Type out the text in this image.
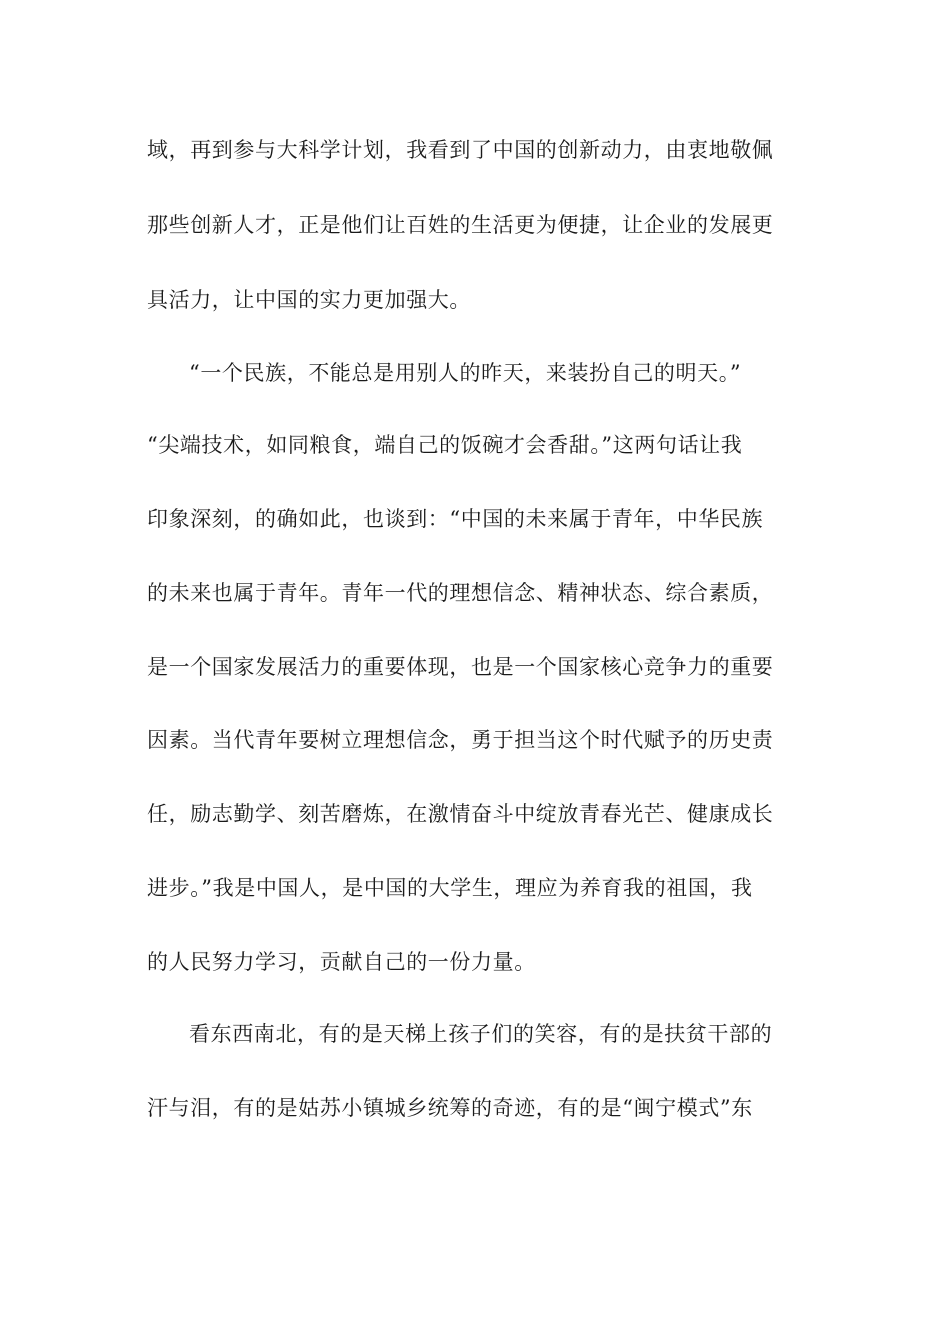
域，再到参与大科学计划，我看到了中国的创新动力，由衷地敬佩
那些创新人才，正是他们让百姓的生活更为便捷，让企业的发展更
具活力，让中国的实力更加强大。
“一个民族，不能总是用别人的昨天，来装扮自己的明天。”
“尖端技术，如同粮食，端自己的饭碗才会香甜。”这两句话让我
印象深刻，的确如此，也谈到：“中国的未来属于青年，中华民族
的未来也属于青年。青年一代的理想信念、精神状态、综合素质，
是一个国家发展活力的重要体现，也是一个国家核心竞争力的重要
因素。当代青年要树立理想信念，勇于担当这个时代赋予的历史责
任，励志勤学、刻苦磨炼，在激情奋斗中绽放青春光芒、健康成长
进步。”我是中国人，是中国的大学生，理应为养育我的祖国，我
的人民努力学习，贡献自己的一份力量。
看东西南北，有的是天梯上孩子们的笑容，有的是扶贫干部的
汗与泪，有的是姑苏小镇城乡统筹的奇迹，有的是“闽宁模式”东
